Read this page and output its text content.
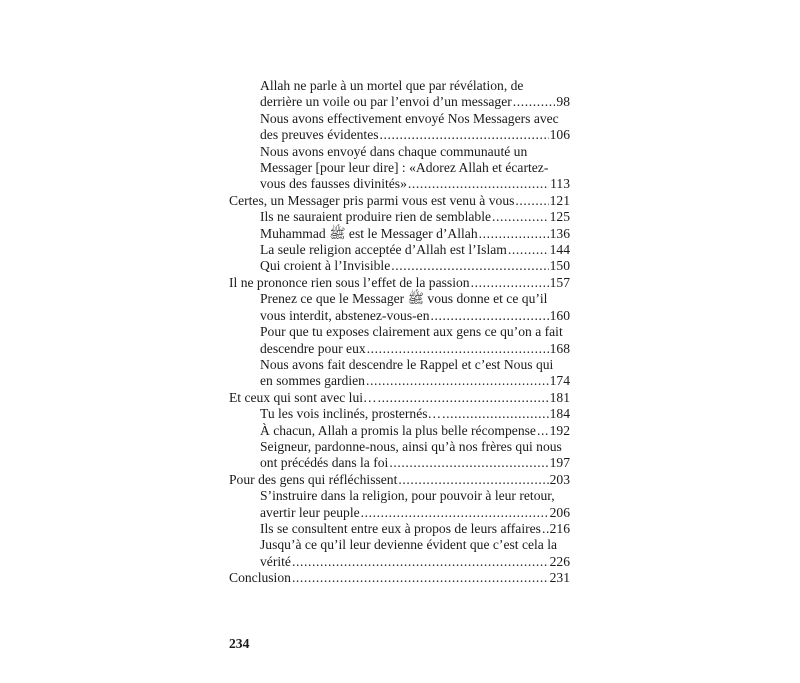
Allah ne parle à un mortel que par révélation, de
derrière un voile ou par l’envoi d’un messager .....	98
Nous avons effectivement envoyé Nos Messagers avec
des preuves évidentes .....	106
Nous avons envoyé dans chaque communauté un
Messager [pour leur dire] : «Adorez Allah et écartez-
vous des fausses divinités» .....	113
Certes, un Messager pris parmi vous est venu à vous .....	121
Ils ne sauraient produire rien de semblable .....	125
Muhammad ﷺ est le Messager d’Allah .....	136
La seule religion acceptée d’Allah est l’Islam .....	144
Qui croient à l’Invisible .....	150
Il ne prononce rien sous l’effet de la passion .....	157
Prenez ce que le Messager ﷺ vous donne et ce qu’il
vous interdit, abstenez-vous-en .....	160
Pour que tu exposes clairement aux gens ce qu’on a fait
descendre pour eux .....	168
Nous avons fait descendre le Rappel et c’est Nous qui
en sommes gardien .....	174
Et ceux qui sont avec lui… .....	181
Tu les vois inclinés, prosternés… .....	184
À chacun, Allah a promis la plus belle récompense ..... 192
Seigneur, pardonne-nous, ainsi qu’à nos frères qui nous
ont précédés dans la foi .....	197
Pour des gens qui réfléchissent .....	203
S’instruire dans la religion, pour pouvoir à leur retour,
avertir leur peuple .....	206
Ils se consultent entre eux à propos de leurs affaires ..... 216
Jusqu’à ce qu’il leur devienne évident que c’est cela la
vérité .....	226
Conclusion .....	231
234
